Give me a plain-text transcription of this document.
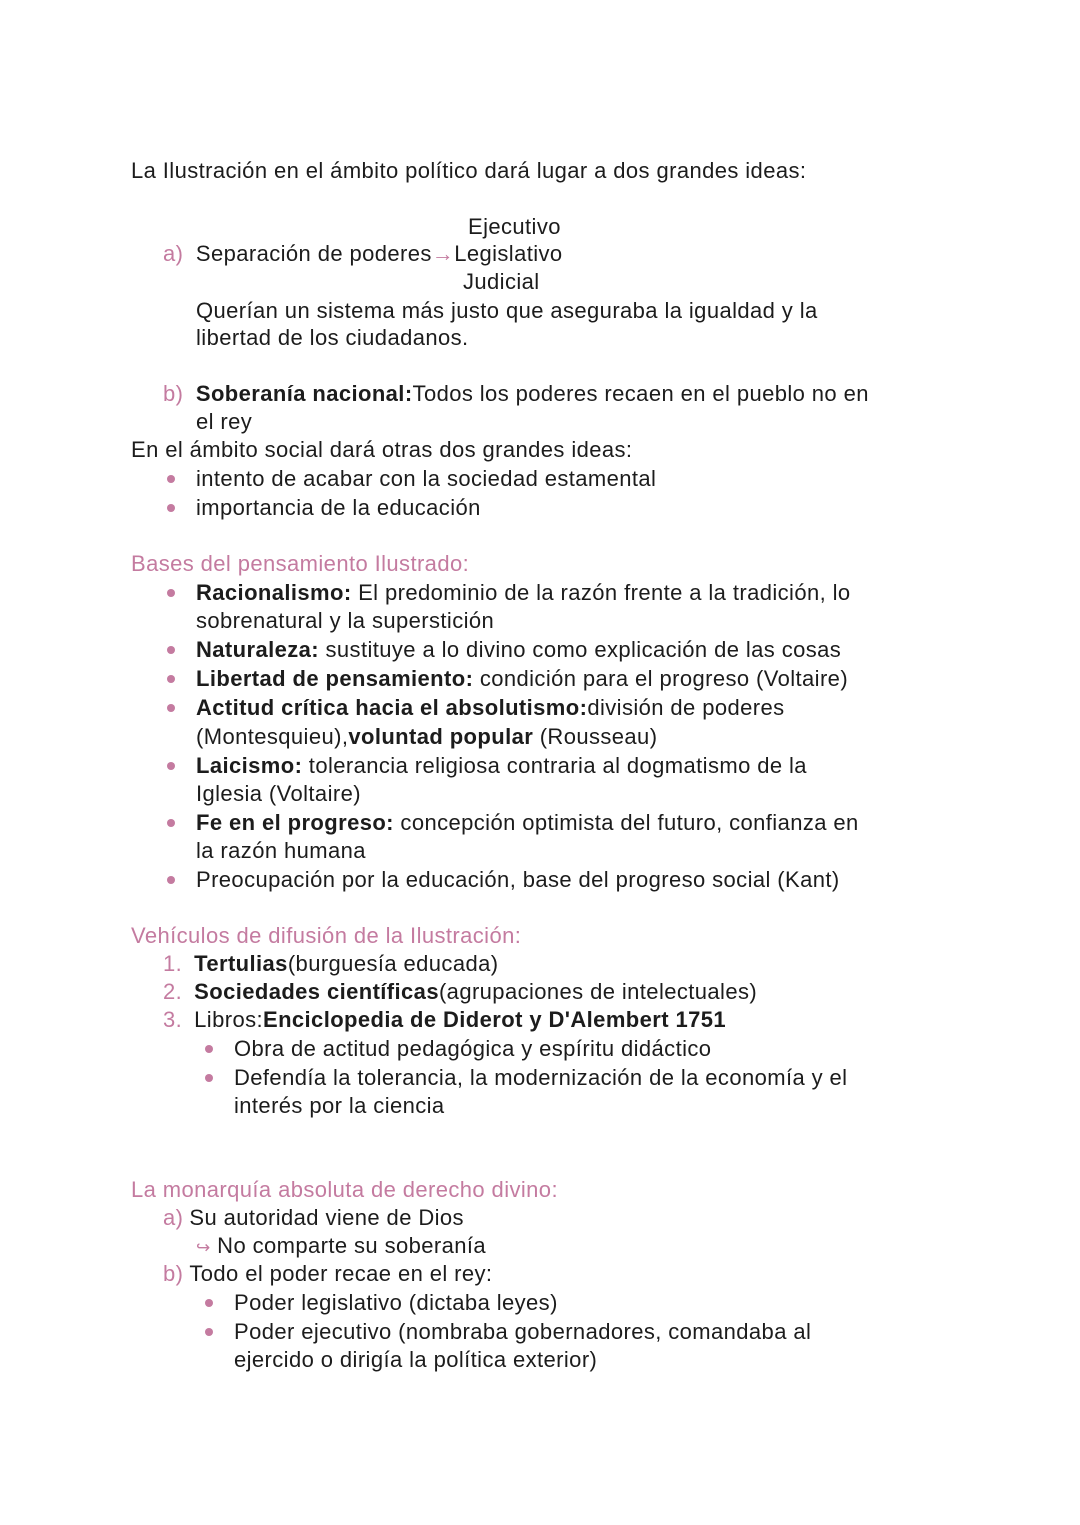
La Ilustración en el ámbito político dará lugar a dos grandes ideas:
Ejecutivo
a) Separación de poderes→Legislativo
Judicial
Querían un sistema más justo que aseguraba la igualdad y la
libertad de los ciudadanos.
b) Soberanía nacional:Todos los poderes recaen en el pueblo no en
el rey
En el ámbito social dará otras dos grandes ideas:
intento de acabar con la sociedad estamental
importancia de la educación
Bases del pensamiento Ilustrado:
Racionalismo: El predominio de la razón frente a la tradición, lo
sobrenatural y la superstición
Naturaleza: sustituye a lo divino como explicación de las cosas
Libertad de pensamiento: condición para el progreso (Voltaire)
Actitud crítica hacia el absolutismo:división de poderes
(Montesquieu),voluntad popular (Rousseau)
Laicismo: tolerancia religiosa contraria al dogmatismo de la
Iglesia (Voltaire)
Fe en el progreso: concepción optimista del futuro, confianza en
la razón humana
Preocupación por la educación, base del progreso social (Kant)
Vehículos de difusión de la Ilustración:
1. Tertulias(burguesía educada)
2. Sociedades científicas(agrupaciones de intelectuales)
3. Libros:Enciclopedia de Diderot y D'Alembert 1751
Obra de actitud pedagógica y espíritu didáctico
Defendía la tolerancia, la modernización de la economía y el
interés por la ciencia
La monarquía absoluta de derecho divino:
a) Su autoridad viene de Dios
↪ No comparte su soberanía
b) Todo el poder recae en el rey:
Poder legislativo (dictaba leyes)
Poder ejecutivo (nombraba gobernadores, comandaba al
ejercido o dirigía la política exterior)
